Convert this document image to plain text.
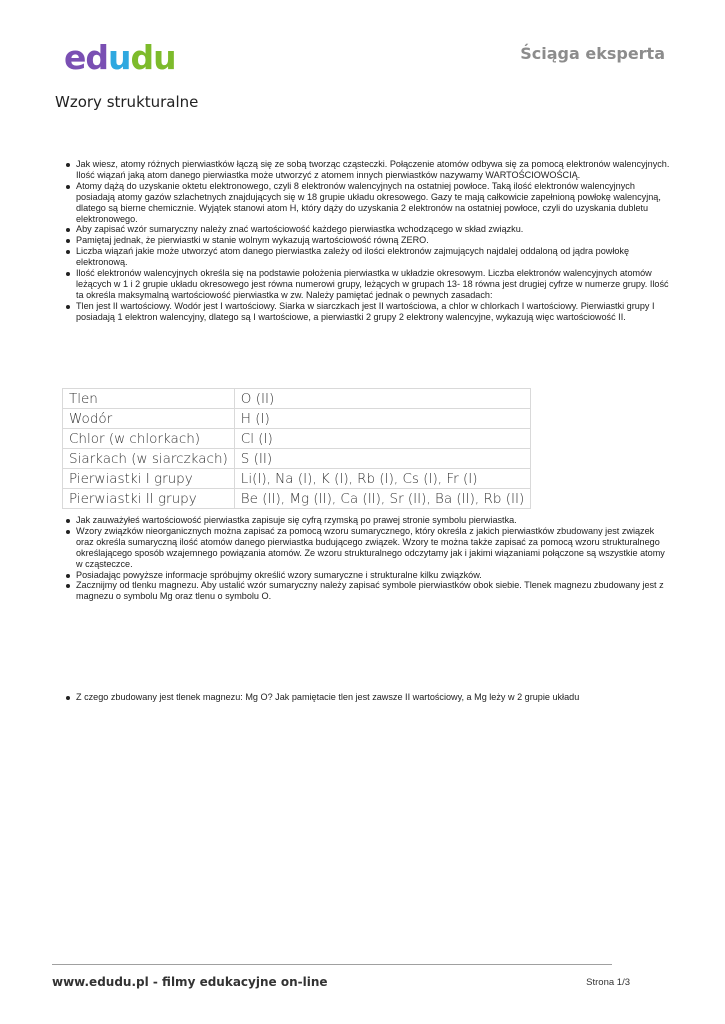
e d u d u	Ściąga eksperta
Wzory strukturalne
Jak wiesz, atomy różnych pierwiastków łączą się ze sobą tworząc cząsteczki. Połączenie atomów odbywa się za pomocą elektronów walencyjnych. Ilość wiązań jaką atom danego pierwiastka może utworzyć z atomem innych pierwiastków nazywamy WARTOŚCIOWOŚCIĄ.
Atomy dążą do uzyskanie oktetu elektronowego, czyli 8 elektronów walencyjnych na ostatniej powłoce. Taką ilość elektronów walencyjnych posiadają atomy gazów szlachetnych znajdujących się w 18 grupie układu okresowego. Gazy te mają całkowicie zapełnioną powłokę walencyjną, dlatego są bierne chemicznie. Wyjątek stanowi atom H, który dąży do uzyskania 2 elektronów na ostatniej powłoce, czyli do uzyskania dubletu elektronowego.
Aby zapisać wzór sumaryczny należy znać wartościowość każdego pierwiastka wchodzącego w skład związku.
Pamiętaj jednak, że pierwiastki w stanie wolnym wykazują wartościowość równą ZERO.
Liczba wiązań jakie może utworzyć atom danego pierwiastka zależy od ilości elektronów zajmujących najdalej oddaloną od jądra powłokę elektronową.
Ilość elektronów walencyjnych określa się na podstawie położenia pierwiastka w układzie okresowym. Liczba elektronów walencyjnych atomów leżących w 1 i 2 grupie układu okresowego jest równa numerowi grupy, leżących w grupach 13- 18 równa jest drugiej cyfrze w numerze grupy. Ilość ta określa maksymalną wartościowość pierwiastka w zw. Należy pamiętać jednak o pewnych zasadach:
Tlen jest II wartościowy. Wodór jest I wartościowy. Siarka w siarczkach jest II wartościowa, a chlor w chlorkach I wartościowy. Pierwiastki grupy I posiadają 1 elektron walencyjny, dlatego są I wartościowe, a pierwiastki 2 grupy 2 elektrony walencyjne, wykazują więc wartościowość II.
Tlen	O (II)
Wodór	H (I)
Chlor (w chlorkach)	Cl (I)
Siarkach (w siarczkach)	S (II)
Pierwiastki I grupy	Li(I), Na (I), K (I), Rb (I), Cs (I), Fr (I)
Pierwiastki II grupy	Be (II), Mg (II), Ca (II), Sr (II), Ba (II), Rb (II)
Jak zauważyłeś wartościowość pierwiastka zapisuje się cyfrą rzymską po prawej stronie symbolu pierwiastka.
Wzory związków nieorganicznych można zapisać za pomocą wzoru sumarycznego, który określa z jakich pierwiastków zbudowany jest związek oraz określa sumaryczną ilość atomów danego pierwiastka budującego związek. Wzory te można także zapisać za pomocą wzoru strukturalnego określającego sposób wzajemnego powiązania atomów. Ze wzoru strukturalnego odczytamy jak i jakimi wiązaniami połączone są wszystkie atomy w cząsteczce.
Posiadając powyższe informacje spróbujmy określić wzory sumaryczne i strukturalne kilku związków.
Zacznijmy od tlenku magnezu. Aby ustalić wzór sumaryczny należy zapisać symbole pierwiastków obok siebie. Tlenek magnezu zbudowany jest z magnezu o symbolu Mg oraz tlenu o symbolu O.
Z czego zbudowany jest tlenek magnezu: Mg O? Jak pamiętacie tlen jest zawsze II wartościowy, a Mg leży w 2 grupie układu
www.edudu.pl - filmy edukacyjne on-line	Strona 1/3
